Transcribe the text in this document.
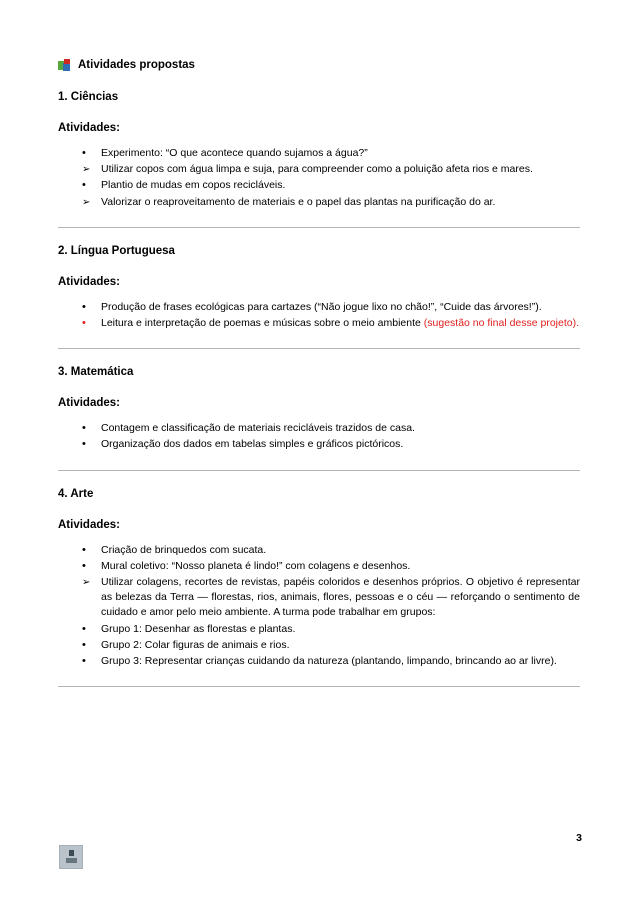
Atividades propostas
1. Ciências
Atividades:
•
Experimento: “O que acontece quando sujamos a água?”
➢
Utilizar copos com água limpa e suja, para compreender como a poluição afeta rios e mares.
•
Plantio de mudas em copos recicláveis.
➢
Valorizar o reaproveitamento de materiais e o papel das plantas na purificação do ar.
2. Língua Portuguesa
Atividades:
•
Produção de frases ecológicas para cartazes (“Não jogue lixo no chão!”, “Cuide das árvores!”).
•
Leitura e interpretação de poemas e músicas sobre o meio ambiente (sugestão no final desse projeto).
3. Matemática
Atividades:
•
Contagem e classificação de materiais recicláveis trazidos de casa.
•
Organização dos dados em tabelas simples e gráficos pictóricos.
4. Arte
Atividades:
•
Criação de brinquedos com sucata.
•
Mural coletivo: “Nosso planeta é lindo!” com colagens e desenhos.
➢
Utilizar colagens, recortes de revistas, papéis coloridos e desenhos próprios. O objetivo é representar as belezas da Terra — florestas, rios, animais, flores, pessoas e o céu — reforçando o sentimento de cuidado e amor pelo meio ambiente. A turma pode trabalhar em grupos:
•
Grupo 1: Desenhar as florestas e plantas.
•
Grupo 2: Colar figuras de animais e rios.
•
Grupo 3: Representar crianças cuidando da natureza (plantando, limpando, brincando ao ar livre).
3
